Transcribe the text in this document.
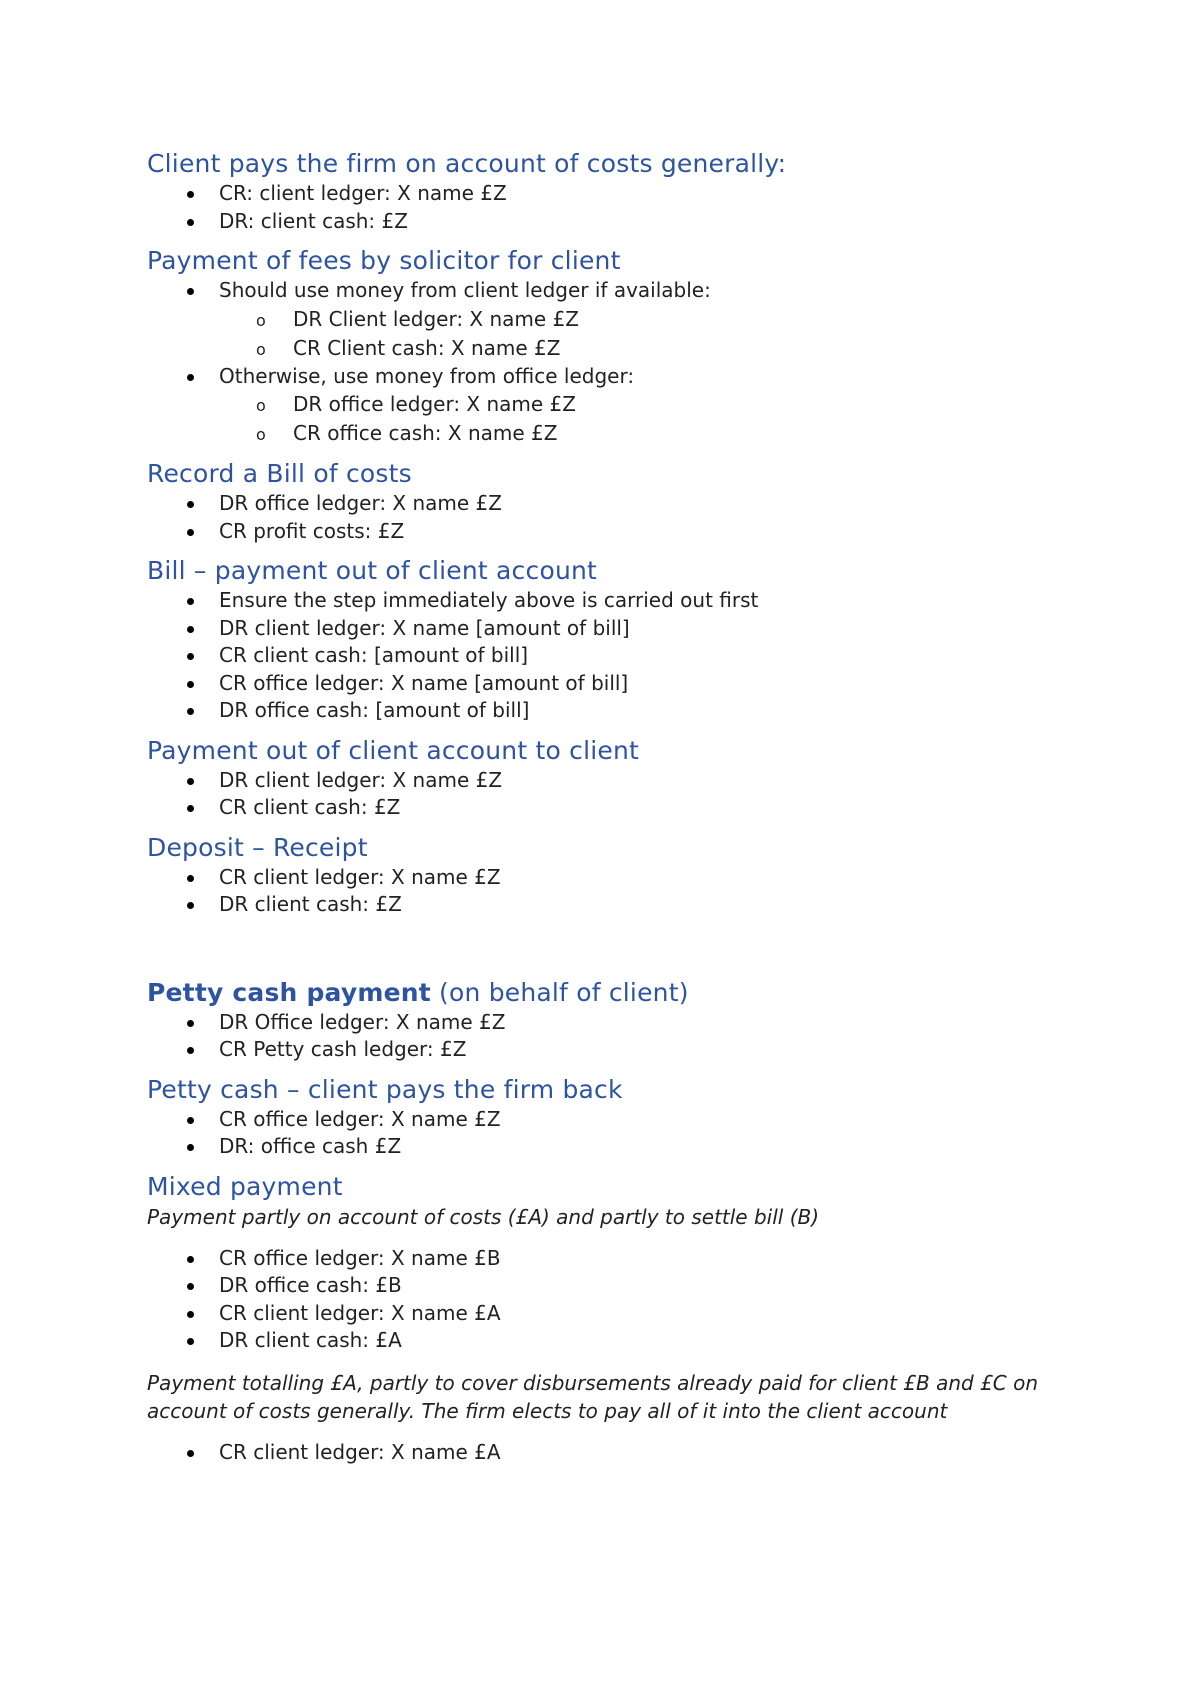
Client pays the firm on account of costs generally:
CR: client ledger: X name £Z
DR: client cash: £Z
Payment of fees by solicitor for client
Should use money from client ledger if available:
o DR Client ledger: X name £Z
o CR Client cash: X name £Z
Otherwise, use money from office ledger:
o DR office ledger: X name £Z
o CR office cash: X name £Z
Record a Bill of costs
DR office ledger: X name £Z
CR profit costs: £Z
Bill – payment out of client account
Ensure the step immediately above is carried out first
DR client ledger: X name [amount of bill]
CR client cash: [amount of bill]
CR office ledger: X name [amount of bill]
DR office cash: [amount of bill]
Payment out of client account to client
DR client ledger: X name £Z
CR client cash: £Z
Deposit – Receipt
CR client ledger: X name £Z
DR client cash: £Z
Petty cash payment (on behalf of client)
DR Office ledger: X name £Z
CR Petty cash ledger: £Z
Petty cash – client pays the firm back
CR office ledger: X name £Z
DR: office cash £Z
Mixed payment

Payment partly on account of costs (£A) and partly to settle bill (B)

CR office ledger: X name £B
DR office cash: £B
CR client ledger: X name £A
DR client cash: £A

Payment totalling £A, partly to cover disbursements already paid for client £B and £C on account of costs generally. The firm elects to pay all of it into the client account

CR client ledger: X name £A
